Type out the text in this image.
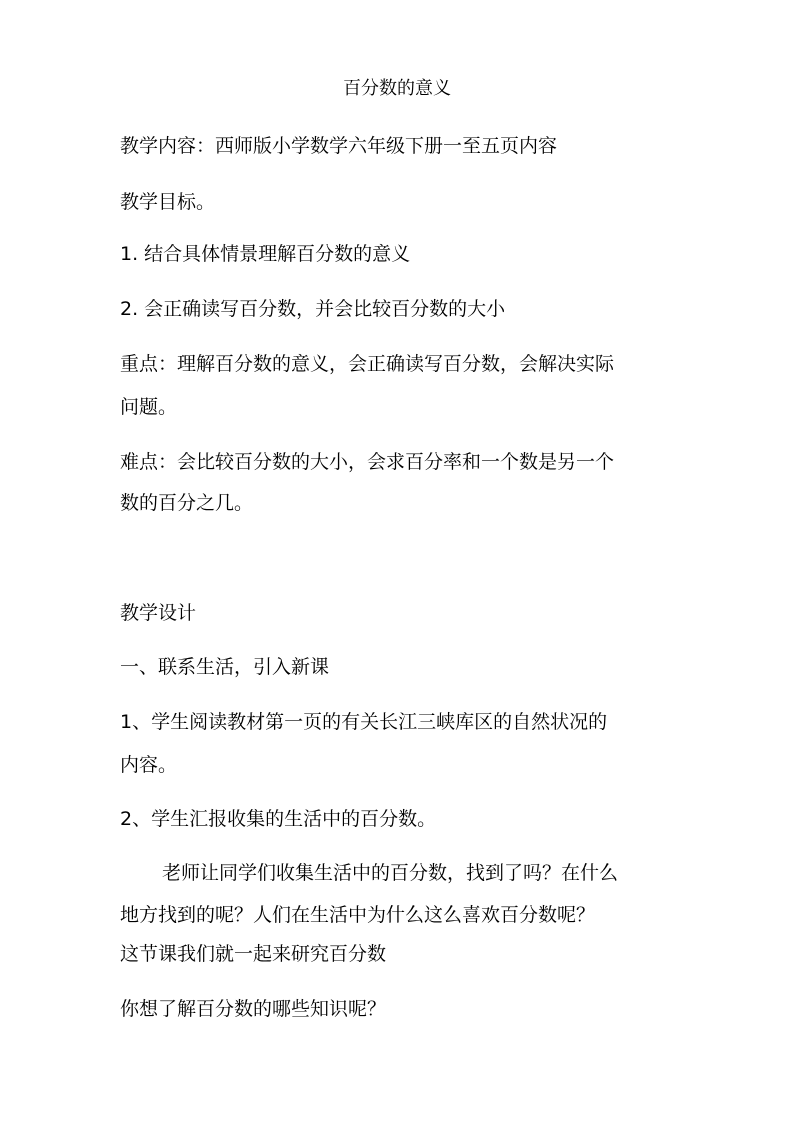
百分数的意义
教学内容：西师版小学数学六年级下册一至五页内容
教学目标。
1. 结合具体情景理解百分数的意义
2. 会正确读写百分数，并会比较百分数的大小
重点：理解百分数的意义，会正确读写百分数，会解决实际
问题。
难点：会比较百分数的大小，会求百分率和一个数是另一个
数的百分之几。
教学设计
一、联系生活，引入新课
1、学生阅读教材第一页的有关长江三峡库区的自然状况的
内容。
2、学生汇报收集的生活中的百分数。
老师让同学们收集生活中的百分数，找到了吗？在什么
地方找到的呢？人们在生活中为什么这么喜欢百分数呢？
这节课我们就一起来研究百分数
你想了解百分数的哪些知识呢？
